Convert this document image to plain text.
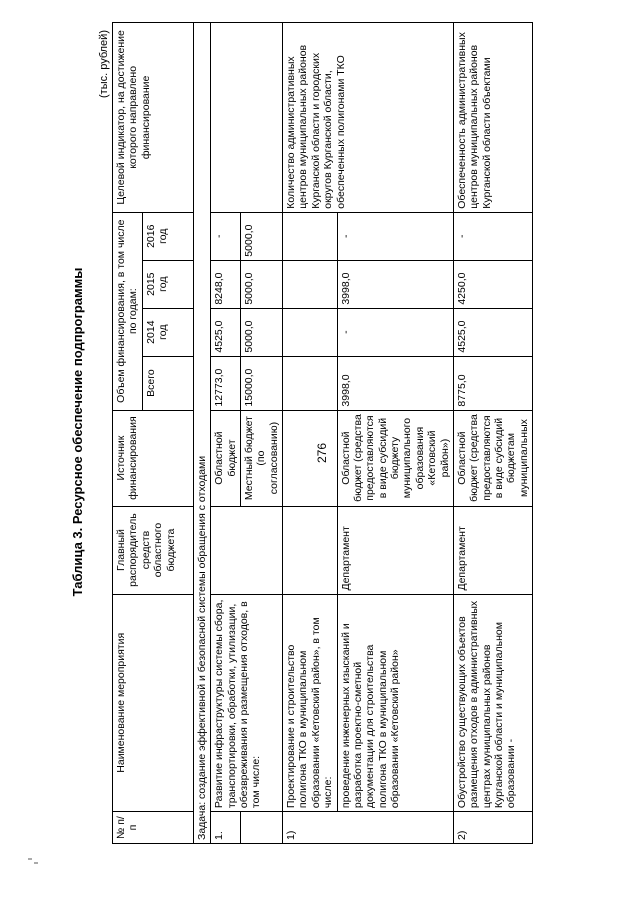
276
Таблица 3. Ресурсное обеспечение подпрограммы
(тыс. рублей)
№ п/п	Наименование мероприятия	Главный распорядитель средств областного бюджета	Источник финансирования	Объем финансирования, в том числе по годам:				Целевой индикатор, на достижение которого направлено финансирование
				Всего	2014 год	2015 год	2016 год	
Задача: создание эффективной и безопасной системы обращения с отходами								
1.	Развитие инфраструктуры системы сбора, транспортировки, обработки, утилизации, обезвреживания и размещения отходов, в том числе:		Областной бюджет	12773,0	4525,0	8248,0	-	
			Местный бюджет (по согласованию)	15000,0	5000,0	5000,0	5000,0	
1)	Проектирование и строительство полигона ТКО в муниципальном образовании «Кетовский район», в том числе:							Количество административных центров муниципальных районов Курганской области и городских округов Курганской области, обеспеченных полигонами ТКО
	проведение инженерных изысканий и разработка проектно-сметной документации для строительства полигона ТКО в муниципальном образовании «Кетовский район»	Департамент	Областной бюджет (средства предоставляются в виде субсидий бюджету муниципального образования «Кетовский район»)	3998,0	-	3998,0	-	
2)	Обустройство существующих объектов размещения отходов в административных центрах муниципальных районов Курганской области и муниципальном образовании -	Департамент	Областной бюджет (средства предоставляются в виде субсидий бюджетам муниципальных	8775,0	4525,0	4250,0	-	Обеспеченность административных центров муниципальных районов Курганской области объектами
